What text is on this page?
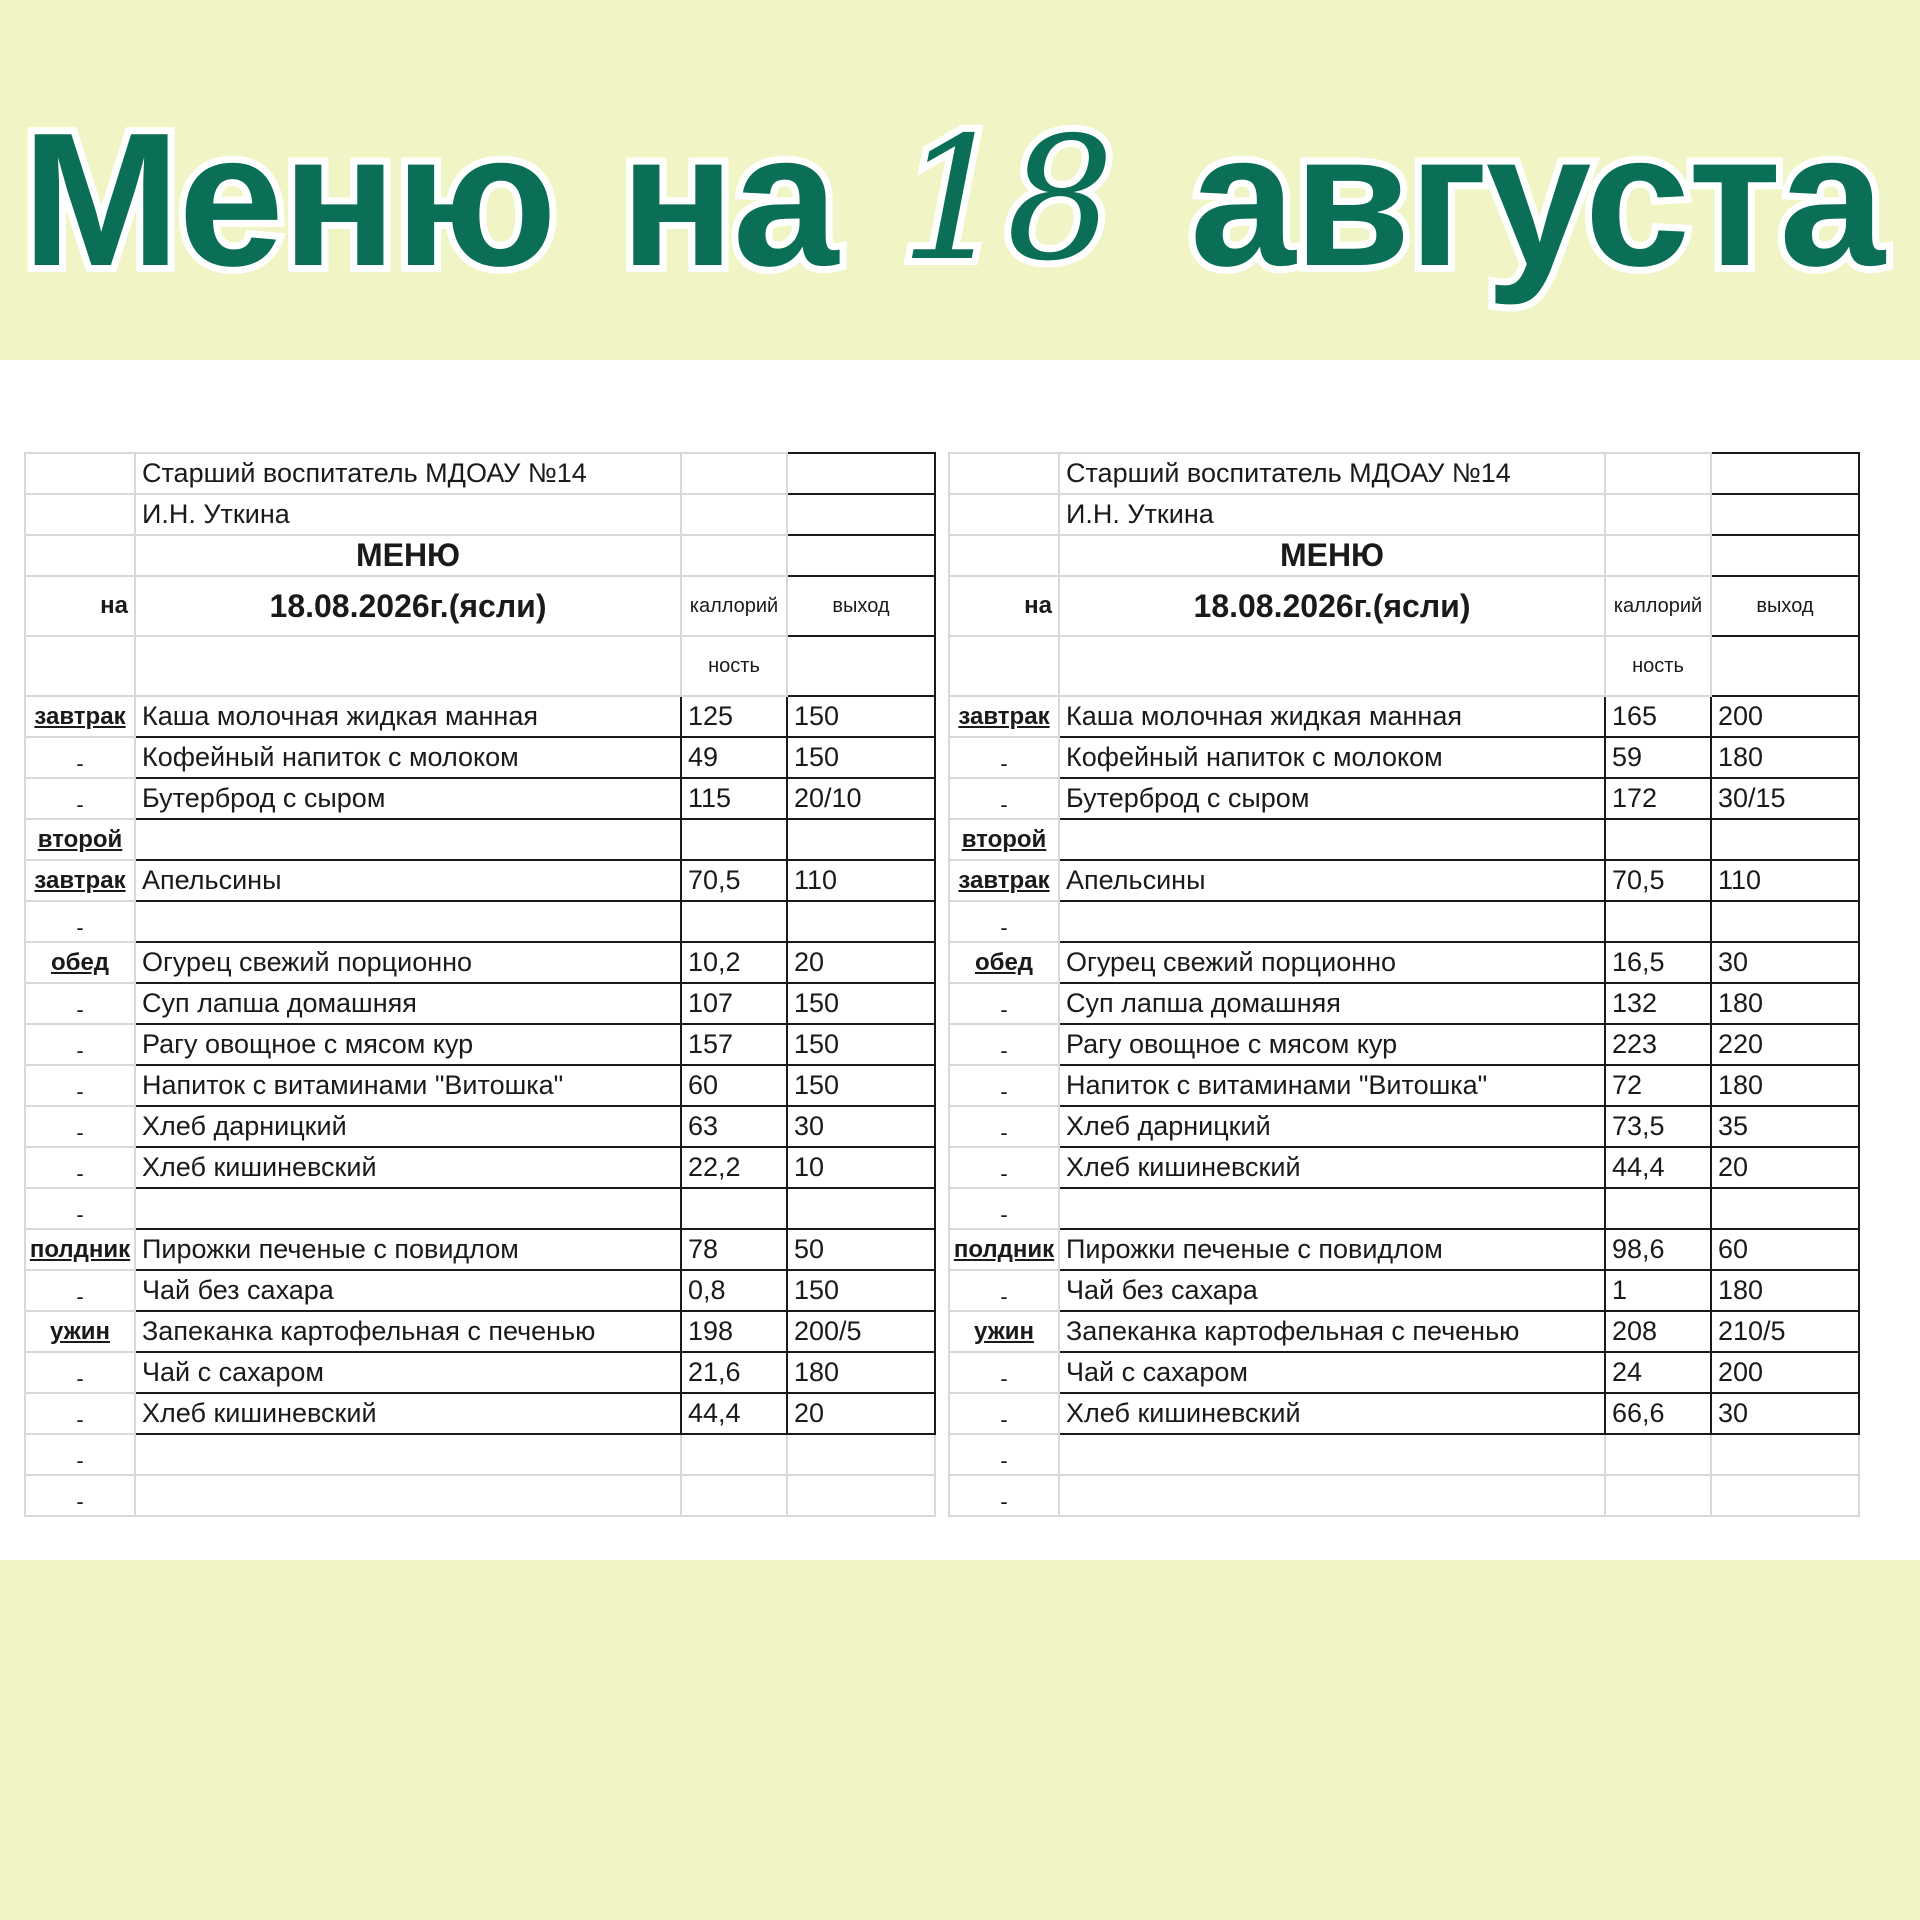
Меню на 18 августа
	Старший воспитатель МДОАУ №14		
	И.Н. Уткина		
	МЕНЮ		
на	18.08.2026г.(ясли)	каллорий	выход
		ность	
завтрак	Каша молочная жидкая манная	125	150
-	Кофейный напиток с молоком	49	150
-	Бутерброд с сыром	115	20/10
второй			
завтрак	Апельсины	70,5	110
-			
обед	Огурец свежий порционно	10,2	20
-	Суп лапша домашняя	107	150
-	Рагу овощное с мясом кур	157	150
-	Напиток с витаминами "Витошка"	60	150
-	Хлеб дарницкий	63	30
-	Хлеб кишиневский	22,2	10
-			
полдник	Пирожки печеные с повидлом	78	50
-	Чай без сахара	0,8	150
ужин	Запеканка картофельная с печенью	198	200/5
-	Чай с сахаром	21,6	180
-	Хлеб кишиневский	44,4	20
-			
-			
	Старший воспитатель МДОАУ №14		
	И.Н. Уткина		
	МЕНЮ		
на	18.08.2026г.(ясли)	каллорий	выход
		ность	
завтрак	Каша молочная жидкая манная	165	200
-	Кофейный напиток с молоком	59	180
-	Бутерброд с сыром	172	30/15
второй			
завтрак	Апельсины	70,5	110
-			
обед	Огурец свежий порционно	16,5	30
-	Суп лапша домашняя	132	180
-	Рагу овощное с мясом кур	223	220
-	Напиток с витаминами "Витошка"	72	180
-	Хлеб дарницкий	73,5	35
-	Хлеб кишиневский	44,4	20
-			
полдник	Пирожки печеные с повидлом	98,6	60
-	Чай без сахара	1	180
ужин	Запеканка картофельная с печенью	208	210/5
-	Чай с сахаром	24	200
-	Хлеб кишиневский	66,6	30
-			
-			
